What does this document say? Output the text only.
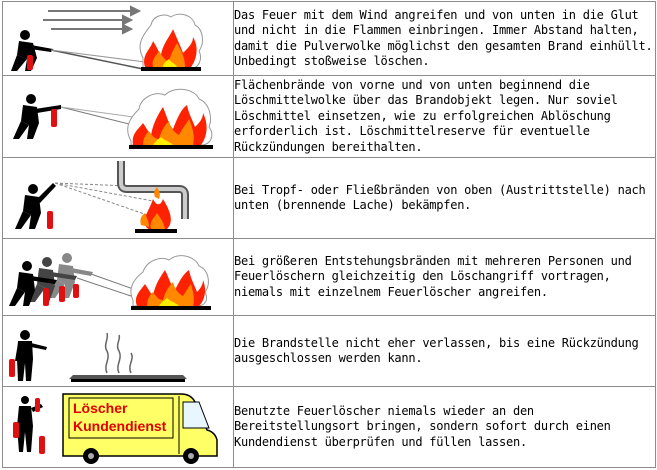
	Das Feuer mit dem Wind angreifen und von unten in die Glut und nicht in die Flammen einbringen. Immer Abstand halten, damit die Pulverwolke möglichst den gesamten Brand einhüllt. Unbedingt stoßweise löschen.

	Flächenbrände von vorne und von unten beginnend die Löschmittelwolke über das Brandobjekt legen. Nur soviel Löschmittel einsetzen, wie zu erfolgreichen Ablöschung erforderlich ist. Löschmittelreserve für eventuelle Rückzündungen bereithalten.

	Bei Tropf- oder Fließbränden von oben (Austrittstelle) nach unten (brennende Lache) bekämpfen.

	Bei größeren Entstehungsbränden mit mehreren Personen und Feuerlöschern gleichzeitig den Löschangriff vortragen, niemals mit einzelnem Feuerlöscher angreifen.

	Die Brandstelle nicht eher verlassen, bis eine Rückzündung ausgeschlossen werden kann.

Löscher
Kundendienst	Benutzte Feuerlöscher niemals wieder an den Bereitstellungsort bringen, sondern sofort durch einen Kundendienst überprüfen und füllen lassen.
